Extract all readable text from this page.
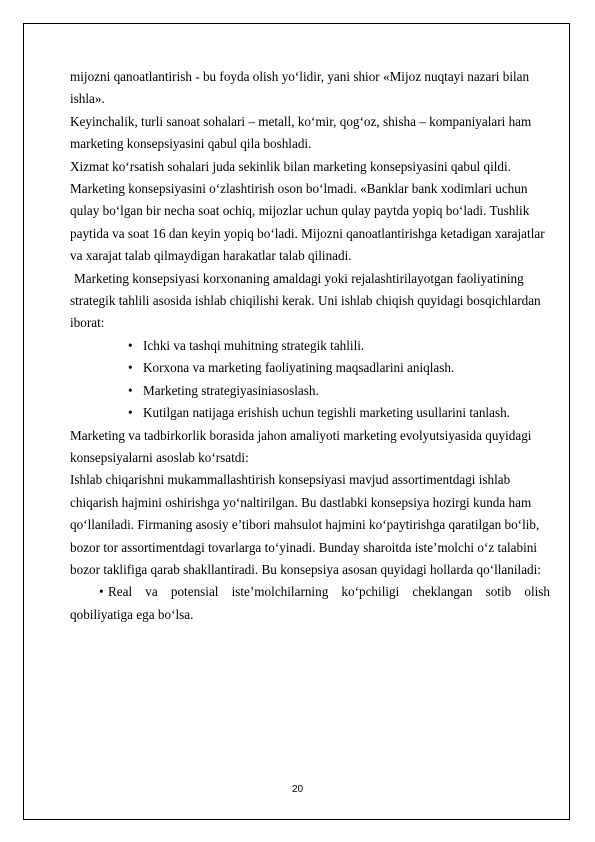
mijozni qanoatlantirish - bu foyda olish yo‘lidir, yani shior «Mijoz nuqtayi nazari bilan ishla».

Keyinchalik, turli sanoat sohalari – metall, ko‘mir, qog‘oz, shisha – kompaniyalari ham marketing konsepsiyasini qabul qila boshladi.

Xizmat ko‘rsatish sohalari juda sekinlik bilan marketing konsepsiyasini qabul qildi. Marketing konsepsiyasini o‘zlashtirish oson bo‘lmadi. «Banklar bank xodimlari uchun qulay bo‘lgan bir necha soat ochiq, mijozlar uchun qulay paytda yopiq bo‘ladi. Tushlik paytida va soat 16 dan keyin yopiq bo‘ladi. Mijozni qanoatlantirishga ketadigan xarajatlar va xarajat talab qilmaydigan harakatlar talab qilinadi.

Marketing konsepsiyasi korxonaning amaldagi yoki rejalashtirilayotgan faoliyatining strategik tahlili asosida ishlab chiqilishi kerak. Uni ishlab chiqish quyidagi bosqichlardan iborat:

• Ichki va tashqi muhitning strategik tahlili.
• Korxona va marketing faoliyatining maqsadlarini aniqlash.
• Marketing strategiyasiniasoslash.
• Kutilgan natijaga erishish uchun tegishli marketing usullarini tanlash.

Marketing va tadbirkorlik borasida jahon amaliyoti marketing evolyutsiyasida quyidagi konsepsiyalarni asoslab ko‘rsatdi:

Ishlab chiqarishni mukammallashtirish konsepsiyasi mavjud assortimentdagi ishlab chiqarish hajmini oshirishga yo‘naltirilgan. Bu dastlabki konsepsiya hozirgi kunda ham qo‘llaniladi. Firmaning asosiy e’tibori mahsulot hajmini ko‘paytirishga qaratilgan bo‘lib, bozor tor assortimentdagi tovarlarga to‘yinadi. Bunday sharoitda iste’molchi o‘z talabini bozor taklifiga qarab shakllantiradi. Bu konsepsiya asosan quyidagi hollarda qo‘llaniladi:

• Real va potensial iste’molchilarning ko‘pchiligi cheklangan sotib olish

qobiliyatiga ega bo‘lsa.

20
